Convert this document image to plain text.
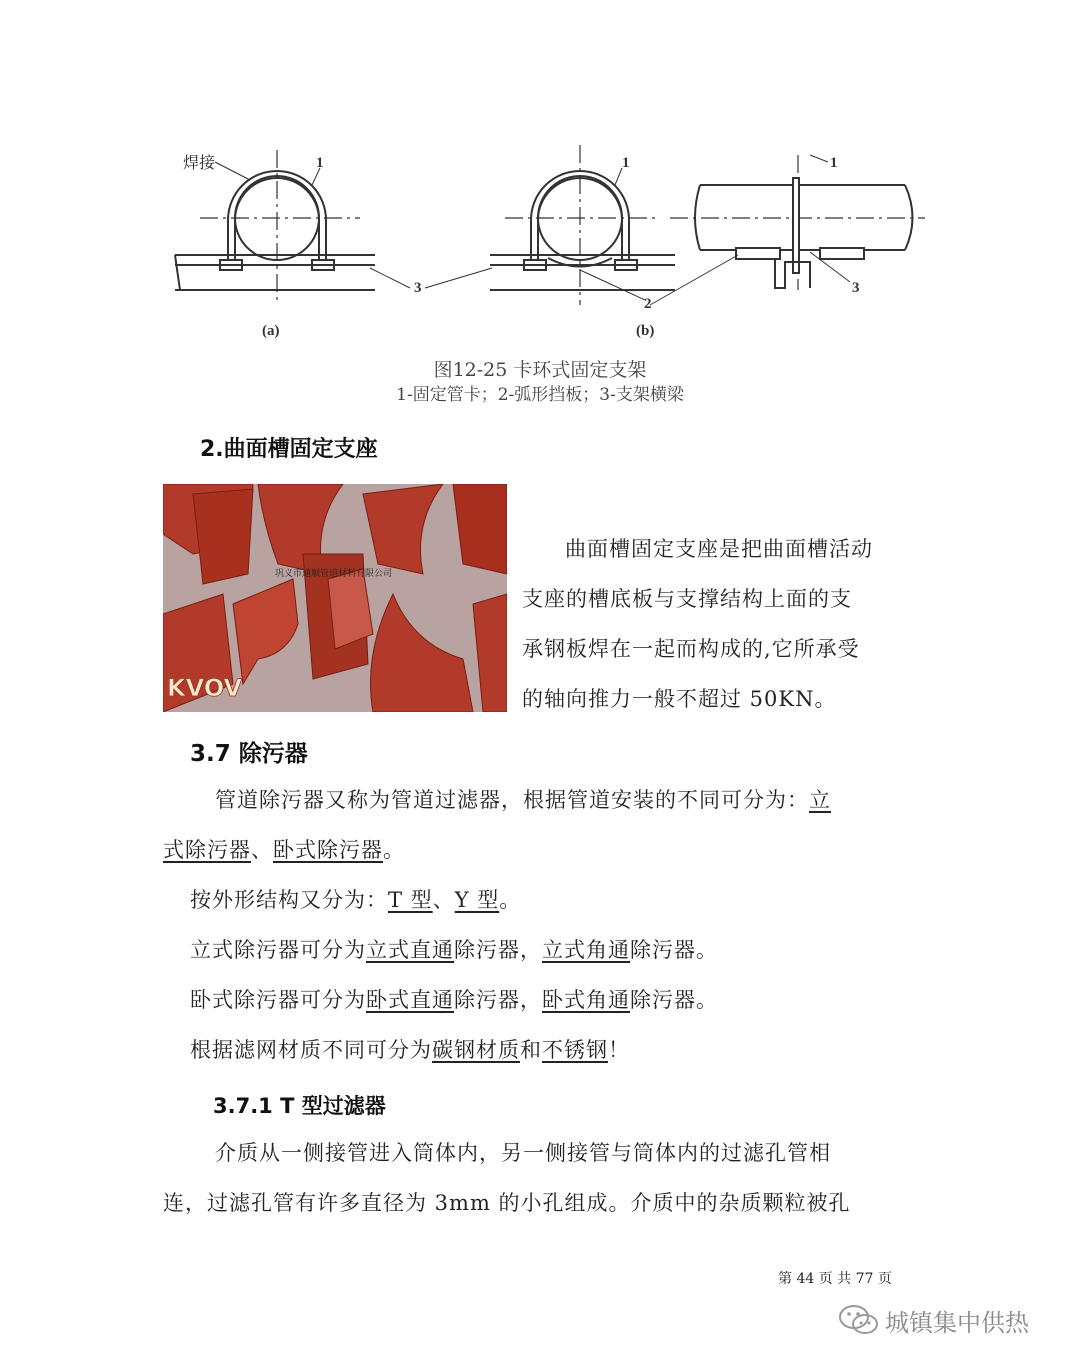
焊接	1
3
1
2
1
3
(a)	(b)
图12-25 卡环式固定支架
1-固定管卡；2-弧形挡板；3-支架横梁
2.曲面槽固定支座
巩义市通顺管道材料有限公司
KVOV
曲面槽固定支座是把曲面槽活动
支座的槽底板与支撑结构上面的支
承钢板焊在一起而构成的,它所承受
的轴向推力一般不超过 50KN。
3.7 除污器
管道除污器又称为管道过滤器，根据管道安装的不同可分为：立
式除污器、卧式除污器。
按外形结构又分为：T 型、Y 型。
立式除污器可分为立式直通除污器，立式角通除污器。
卧式除污器可分为卧式直通除污器，卧式角通除污器。
根据滤网材质不同可分为碳钢材质和不锈钢！
3.7.1 T 型过滤器
介质从一侧接管进入筒体内，另一侧接管与筒体内的过滤孔管相
连，过滤孔管有许多直径为 3mm 的小孔组成。介质中的杂质颗粒被孔
第 44 页 共 77 页
城镇集中供热
